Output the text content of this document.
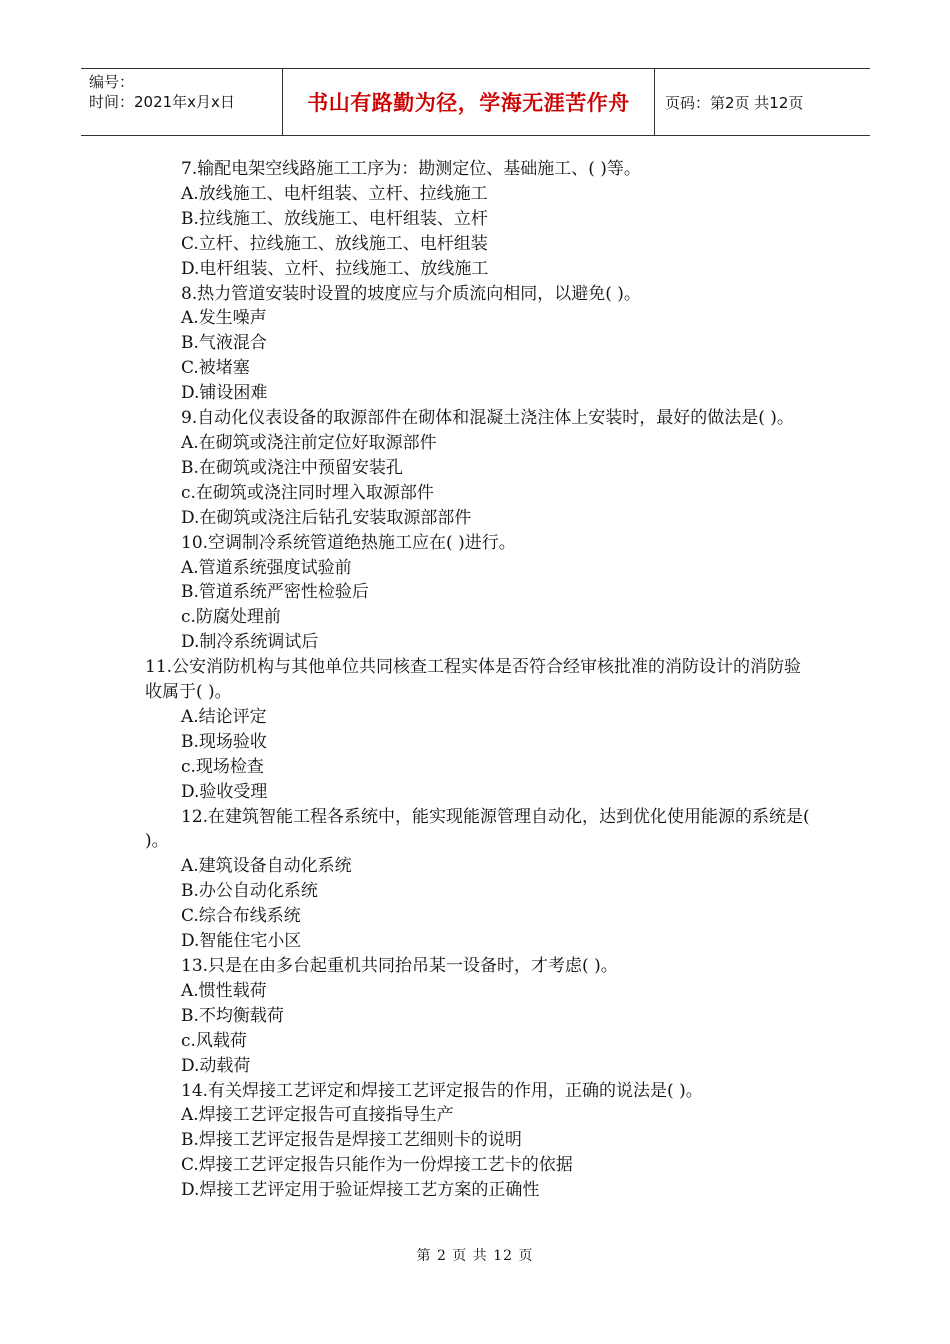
编号：
时间：2021年x月x日	书山有路勤为径，学海无涯苦作舟	页码：第2页 共12页
7.输配电架空线路施工工序为：勘测定位、基础施工、( )等。
A.放线施工、电杆组装、立杆、拉线施工
B.拉线施工、放线施工、电杆组装、立杆
C.立杆、拉线施工、放线施工、电杆组装
D.电杆组装、立杆、拉线施工、放线施工
8.热力管道安装时设置的坡度应与介质流向相同，以避免( )。
A.发生噪声
B.气液混合
C.被堵塞
D.铺设困难
9.自动化仪表设备的取源部件在砌体和混凝土浇注体上安装时，最好的做法是( )。
A.在砌筑或浇注前定位好取源部件
B.在砌筑或浇注中预留安装孔
c.在砌筑或浇注同时埋入取源部件
D.在砌筑或浇注后钻孔安装取源部部件
10.空调制冷系统管道绝热施工应在( )进行。
A.管道系统强度试验前
B.管道系统严密性检验后
c.防腐处理前
D.制冷系统调试后
11.公安消防机构与其他单位共同核查工程实体是否符合经审核批准的消防设计的消防验收属于( )。
A.结论评定
B.现场验收
c.现场检查
D.验收受理
12.在建筑智能工程各系统中，能实现能源管理自动化，达到优化使用能源的系统是( )。
A.建筑设备自动化系统
B.办公自动化系统
C.综合布线系统
D.智能住宅小区
13.只是在由多台起重机共同抬吊某一设备时，才考虑( )。
A.惯性载荷
B.不均衡载荷
c.风载荷
D.动载荷
14.有关焊接工艺评定和焊接工艺评定报告的作用，正确的说法是( )。
A.焊接工艺评定报告可直接指导生产
B.焊接工艺评定报告是焊接工艺细则卡的说明
C.焊接工艺评定报告只能作为一份焊接工艺卡的依据
D.焊接工艺评定用于验证焊接工艺方案的正确性
第 2 页 共 12 页
